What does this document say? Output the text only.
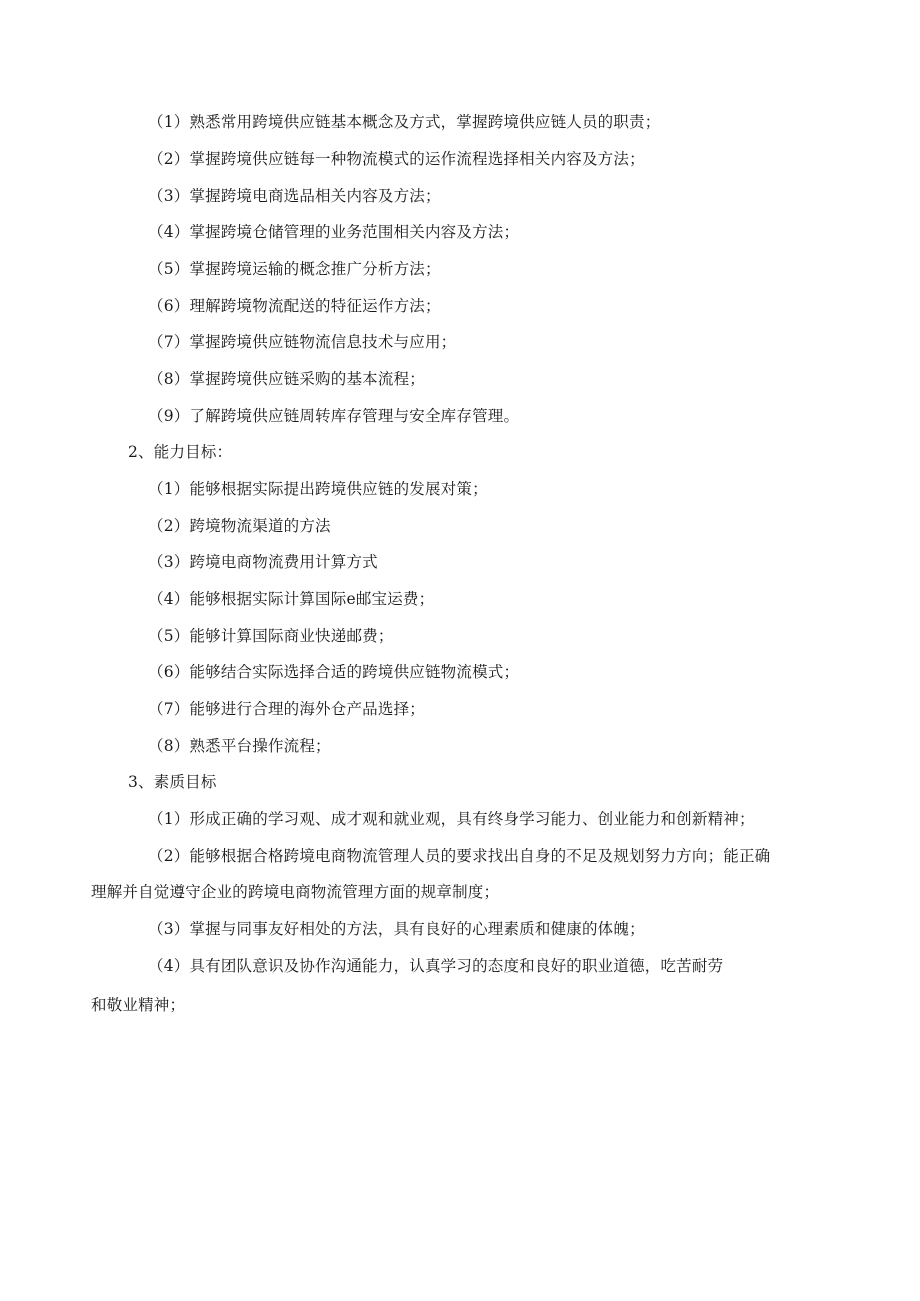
（1）熟悉常用跨境供应链基本概念及方式，掌握跨境供应链人员的职责；
（2）掌握跨境供应链每一种物流模式的运作流程选择相关内容及方法；
（3）掌握跨境电商选品相关内容及方法；
（4）掌握跨境仓储管理的业务范围相关内容及方法；
（5）掌握跨境运输的概念推广分析方法；
（6）理解跨境物流配送的特征运作方法；
（7）掌握跨境供应链物流信息技术与应用；
（8）掌握跨境供应链采购的基本流程；
（9）了解跨境供应链周转库存管理与安全库存管理。
2、能力目标：
（1）能够根据实际提出跨境供应链的发展对策；
（2）跨境物流渠道的方法
（3）跨境电商物流费用计算方式
（4）能够根据实际计算国际e邮宝运费；
（5）能够计算国际商业快递邮费；
（6）能够结合实际选择合适的跨境供应链物流模式；
（7）能够进行合理的海外仓产品选择；
（8）熟悉平台操作流程；
3、素质目标
（1）形成正确的学习观、成才观和就业观，具有终身学习能力、创业能力和创新精神；
（2）能够根据合格跨境电商物流管理人员的要求找出自身的不足及规划努力方向；能正确
理解并自觉遵守企业的跨境电商物流管理方面的规章制度；
（3）掌握与同事友好相处的方法，具有良好的心理素质和健康的体魄；
（4）具有团队意识及协作沟通能力，认真学习的态度和良好的职业道德，吃苦耐劳
和敬业精神；
